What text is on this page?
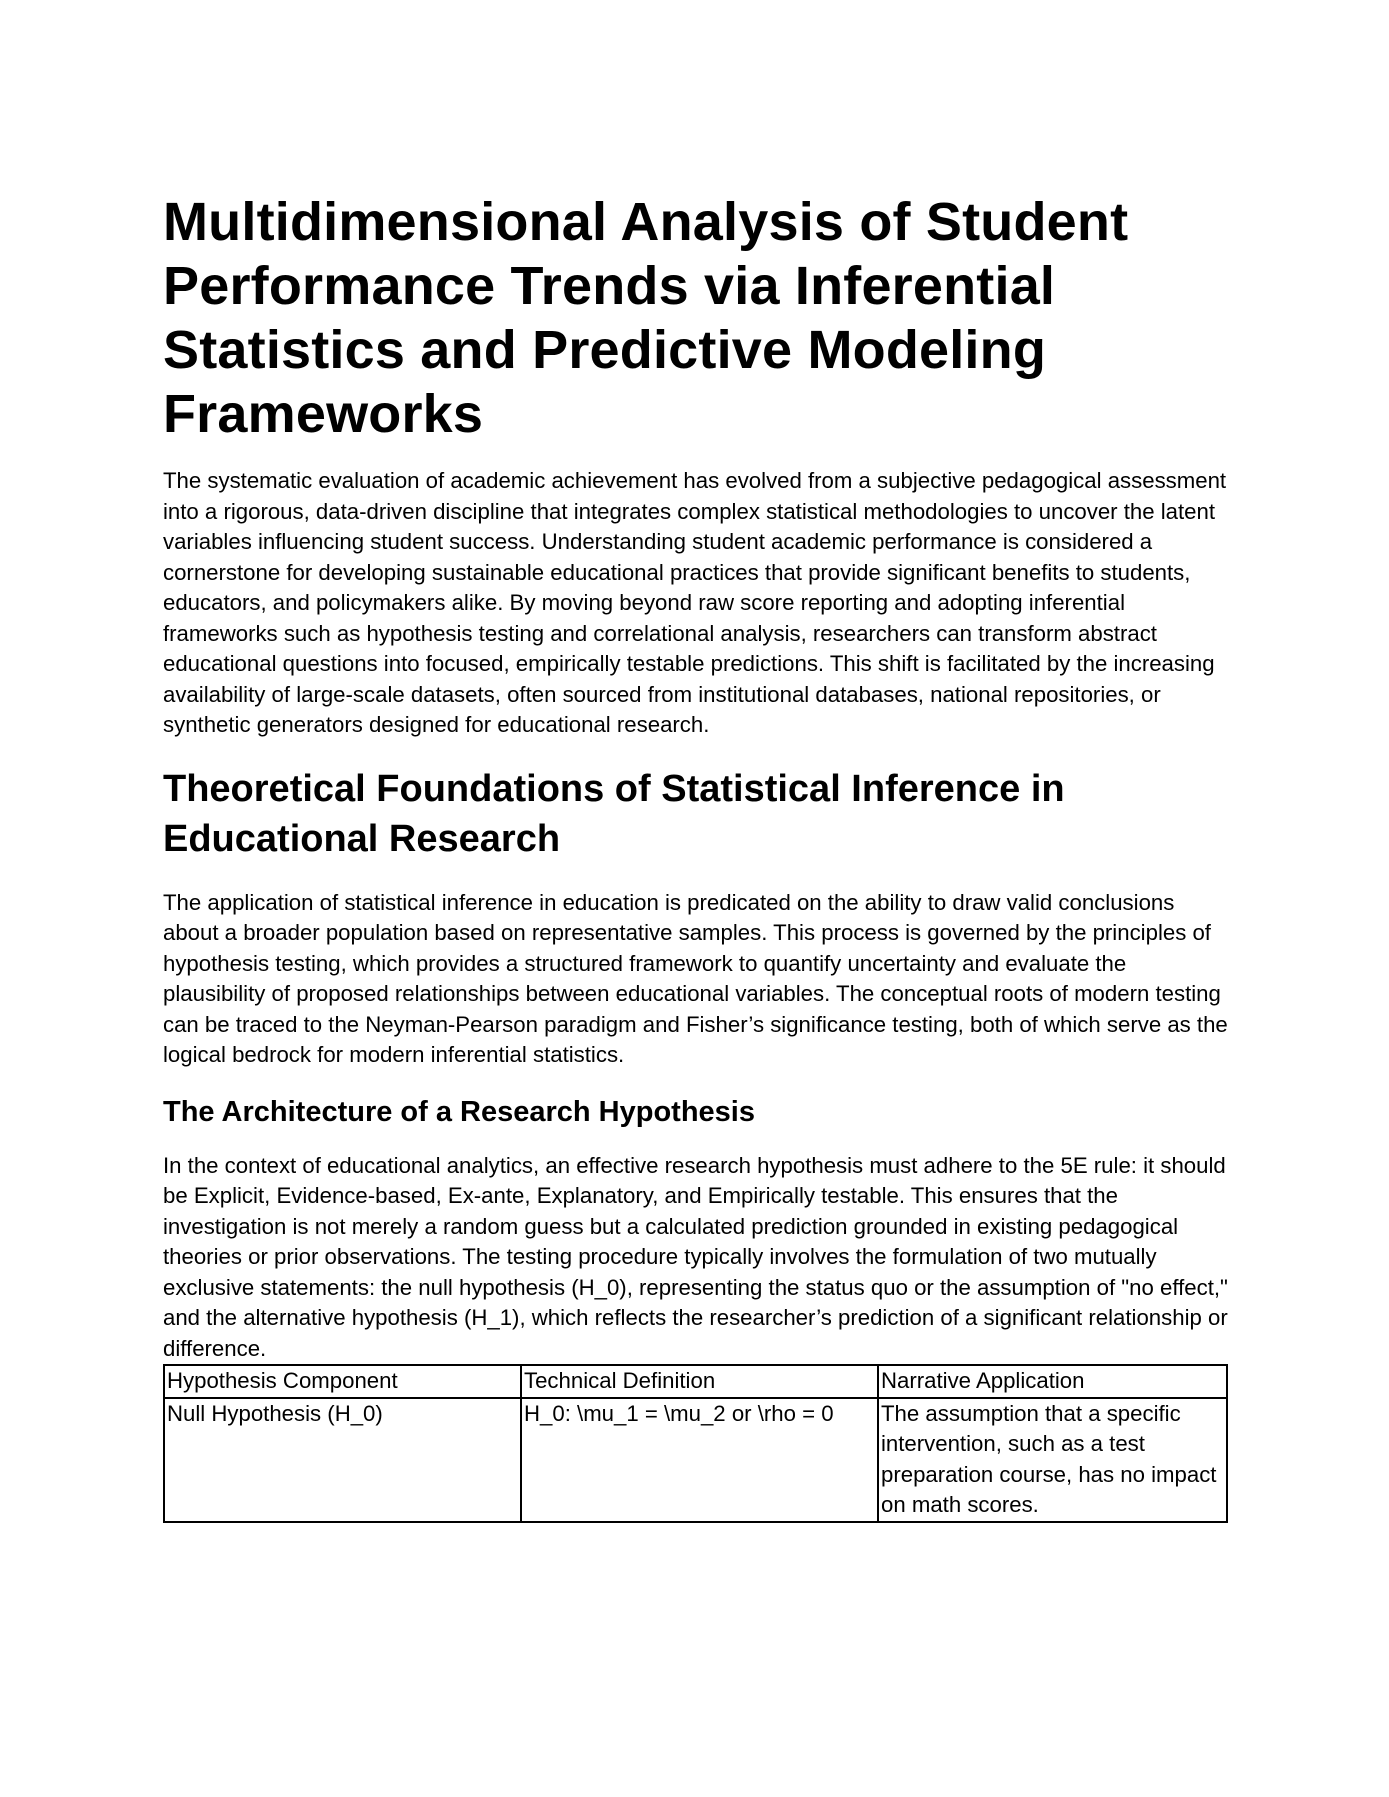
Multidimensional Analysis of Student Performance Trends via Inferential Statistics and Predictive Modeling Frameworks

The systematic evaluation of academic achievement has evolved from a subjective pedagogical assessment into a rigorous, data-driven discipline that integrates complex statistical methodologies to uncover the latent variables influencing student success. Understanding student academic performance is considered a cornerstone for developing sustainable educational practices that provide significant benefits to students, educators, and policymakers alike. By moving beyond raw score reporting and adopting inferential frameworks such as hypothesis testing and correlational analysis, researchers can transform abstract educational questions into focused, empirically testable predictions. This shift is facilitated by the increasing availability of large-scale datasets, often sourced from institutional databases, national repositories, or synthetic generators designed for educational research.

Theoretical Foundations of Statistical Inference in Educational Research

The application of statistical inference in education is predicated on the ability to draw valid conclusions about a broader population based on representative samples. This process is governed by the principles of hypothesis testing, which provides a structured framework to quantify uncertainty and evaluate the plausibility of proposed relationships between educational variables. The conceptual roots of modern testing can be traced to the Neyman-Pearson paradigm and Fisher’s significance testing, both of which serve as the logical bedrock for modern inferential statistics.

The Architecture of a Research Hypothesis

In the context of educational analytics, an effective research hypothesis must adhere to the 5E rule: it should be Explicit, Evidence-based, Ex-ante, Explanatory, and Empirically testable. This ensures that the investigation is not merely a random guess but a calculated prediction grounded in existing pedagogical theories or prior observations. The testing procedure typically involves the formulation of two mutually exclusive statements: the null hypothesis (H_0), representing the status quo or the assumption of "no effect," and the alternative hypothesis (H_1), which reflects the researcher’s prediction of a significant relationship or difference.

Hypothesis Component	Technical Definition	Narrative Application
Null Hypothesis (H_0)	H_0: \mu_1 = \mu_2 or \rho = 0	The assumption that a specific intervention, such as a test preparation course, has no impact on math scores.
